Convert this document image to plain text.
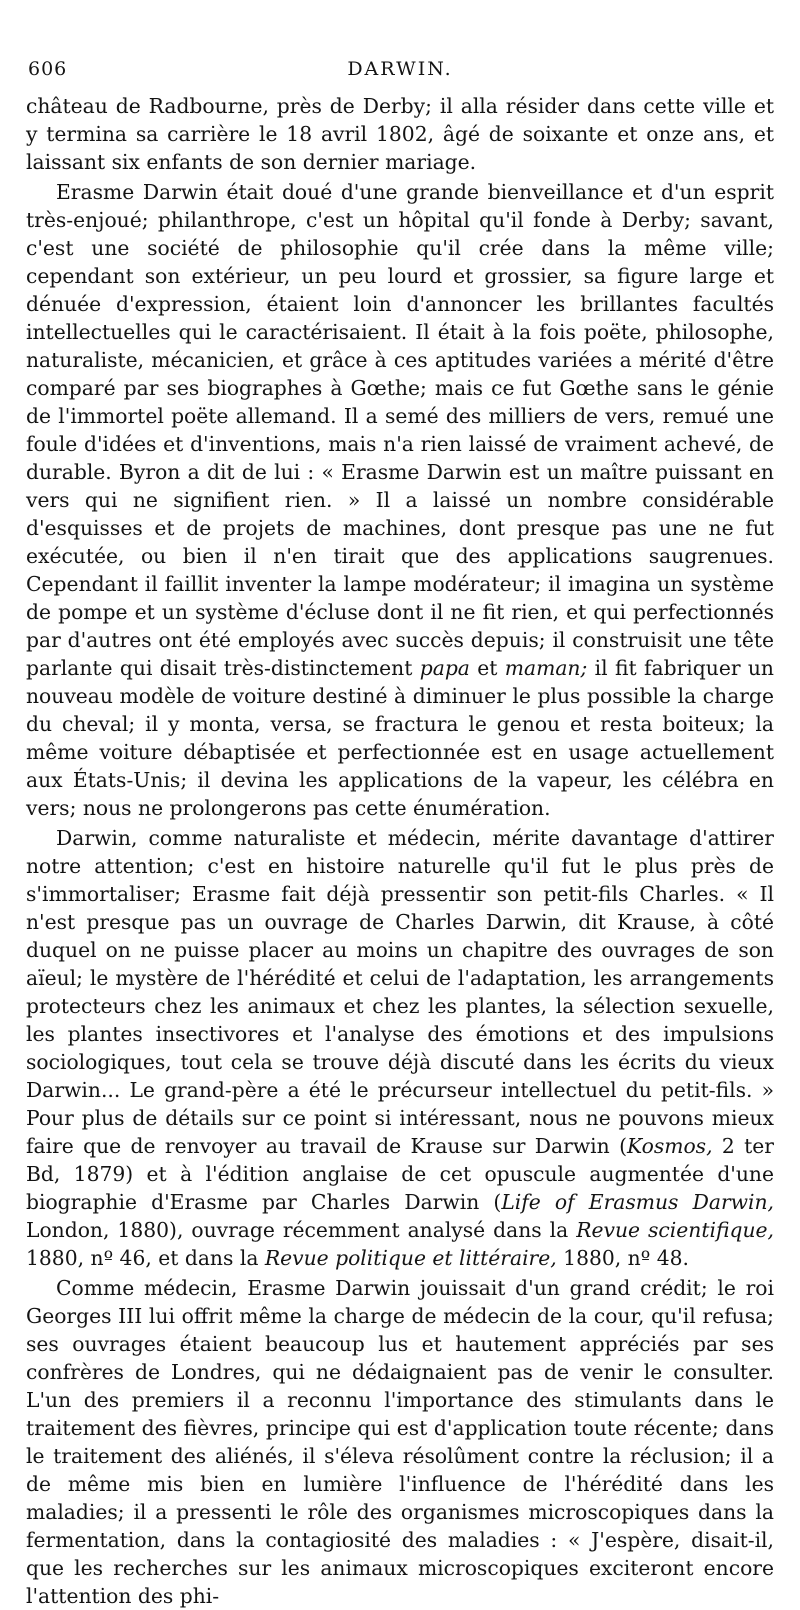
606	DARWIN.

château de Radbourne, près de Derby; il alla résider dans cette ville et y termina sa carrière le 18 avril 1802, âgé de soixante et onze ans, et laissant six enfants de son dernier mariage.

Erasme Darwin était doué d'une grande bienveillance et d'un esprit très-enjoué; philanthrope, c'est un hôpital qu'il fonde à Derby; savant, c'est une société de philosophie qu'il crée dans la même ville; cependant son extérieur, un peu lourd et grossier, sa figure large et dénuée d'expression, étaient loin d'annoncer les brillantes facultés intellectuelles qui le caractérisaient. Il était à la fois poëte, philosophe, naturaliste, mécanicien, et grâce à ces aptitudes variées a mérité d'être comparé par ses biographes à Gœthe; mais ce fut Gœthe sans le génie de l'immortel poëte allemand. Il a semé des milliers de vers, remué une foule d'idées et d'inventions, mais n'a rien laissé de vraiment achevé, de durable. Byron a dit de lui : « Erasme Darwin est un maître puissant en vers qui ne signifient rien. » Il a laissé un nombre considérable d'esquisses et de projets de machines, dont presque pas une ne fut exécutée, ou bien il n'en tirait que des applications saugrenues. Cependant il faillit inventer la lampe modérateur; il imagina un système de pompe et un système d'écluse dont il ne fit rien, et qui perfectionnés par d'autres ont été employés avec succès depuis; il construisit une tête parlante qui disait très-distinctement papa et maman; il fit fabriquer un nouveau modèle de voiture destiné à diminuer le plus possible la charge du cheval; il y monta, versa, se fractura le genou et resta boiteux; la même voiture débaptisée et perfectionnée est en usage actuellement aux États-Unis; il devina les applications de la vapeur, les célébra en vers; nous ne prolongerons pas cette énumération.

Darwin, comme naturaliste et médecin, mérite davantage d'attirer notre attention; c'est en histoire naturelle qu'il fut le plus près de s'immortaliser; Erasme fait déjà pressentir son petit-fils Charles. « Il n'est presque pas un ouvrage de Charles Darwin, dit Krause, à côté duquel on ne puisse placer au moins un chapitre des ouvrages de son aïeul; le mystère de l'hérédité et celui de l'adaptation, les arrangements protecteurs chez les animaux et chez les plantes, la sélection sexuelle, les plantes insectivores et l'analyse des émotions et des impulsions sociologiques, tout cela se trouve déjà discuté dans les écrits du vieux Darwin... Le grand-père a été le précurseur intellectuel du petit-fils. » Pour plus de détails sur ce point si intéressant, nous ne pouvons mieux faire que de renvoyer au travail de Krause sur Darwin (Kosmos, 2 ter Bd, 1879) et à l'édition anglaise de cet opuscule augmentée d'une biographie d'Erasme par Charles Darwin (Life of Erasmus Darwin, London, 1880), ouvrage récemment analysé dans la Revue scientifique, 1880, nº 46, et dans la Revue politique et littéraire, 1880, nº 48.

Comme médecin, Erasme Darwin jouissait d'un grand crédit; le roi Georges III lui offrit même la charge de médecin de la cour, qu'il refusa; ses ouvrages étaient beaucoup lus et hautement appréciés par ses confrères de Londres, qui ne dédaignaient pas de venir le consulter. L'un des premiers il a reconnu l'importance des stimulants dans le traitement des fièvres, principe qui est d'application toute récente; dans le traitement des aliénés, il s'éleva résolûment contre la réclusion; il a de même mis bien en lumière l'influence de l'hérédité dans les maladies; il a pressenti le rôle des organismes microscopiques dans la fermentation, dans la contagiosité des maladies : « J'espère, disait-il, que les recherches sur les animaux microscopiques exciteront encore l'attention des phi-
